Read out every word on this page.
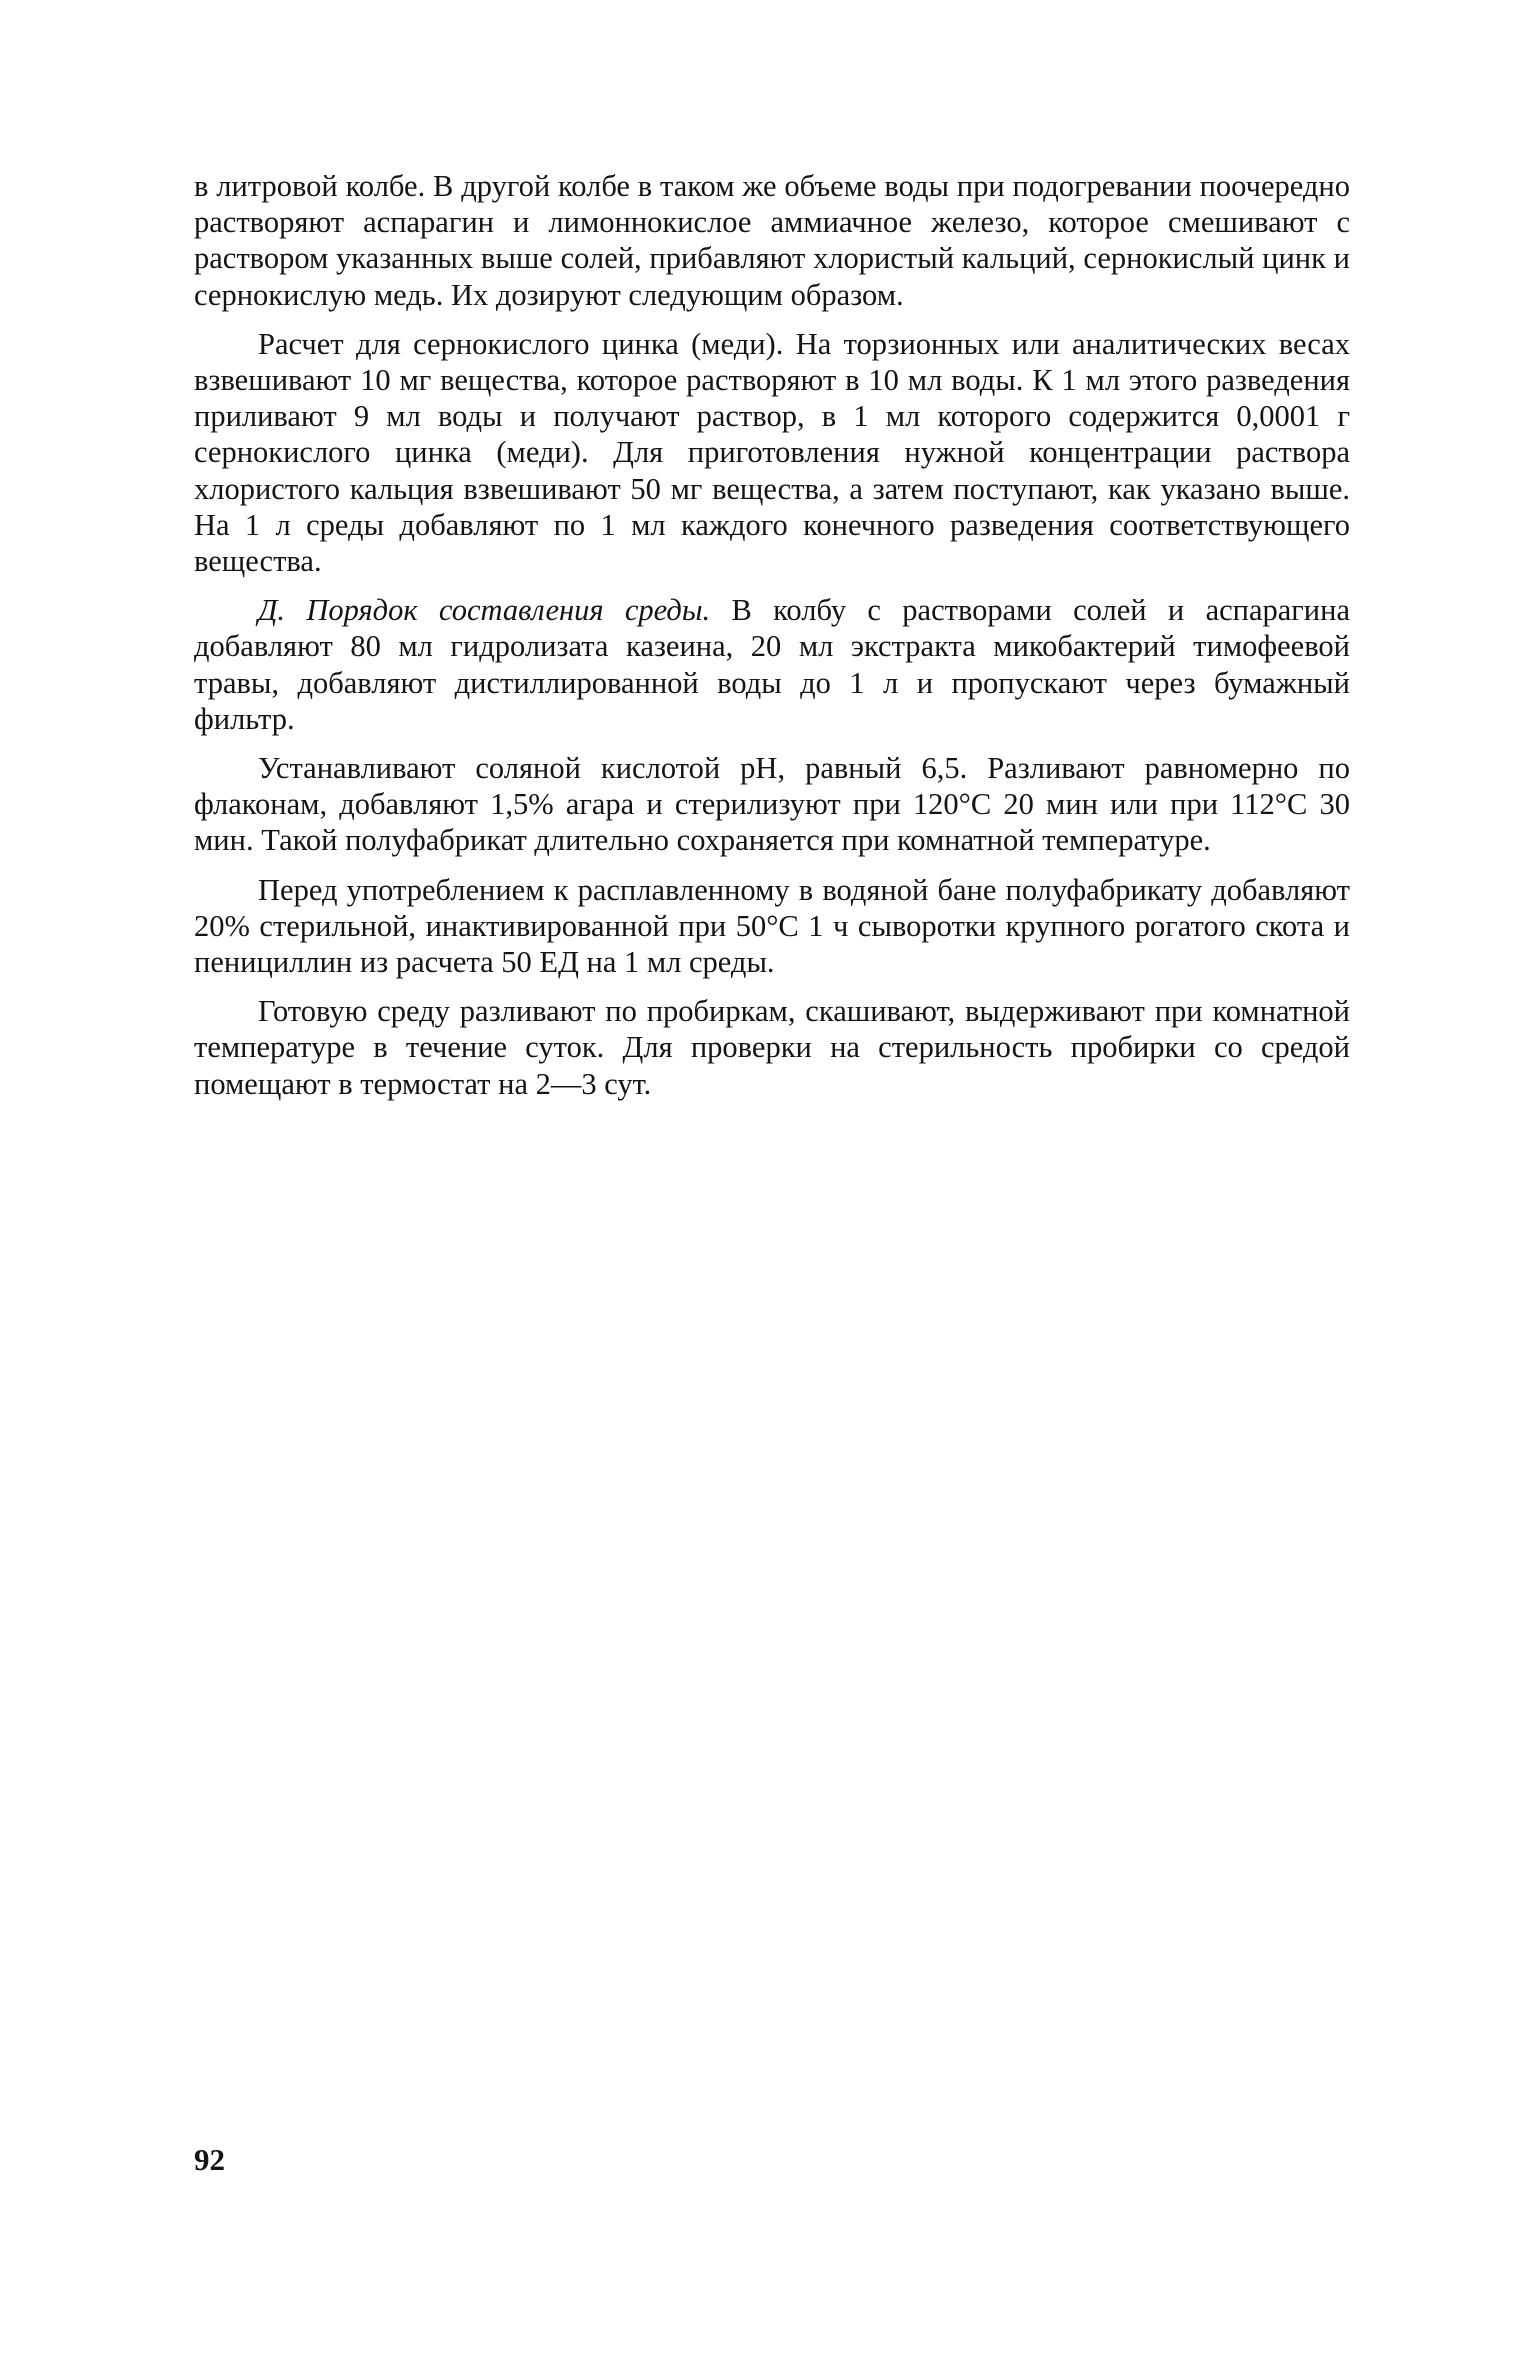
в литровой колбе. В другой колбе в таком же объеме воды при подогревании поочередно растворяют аспарагин и лимоннокислое аммиачное железо, которое смешивают с раствором указанных выше солей, прибавляют хлористый кальций, сернокислый цинк и сернокислую медь. Их дозируют следующим образом.

Расчет для сернокислого цинка (меди). На торзионных или аналитических весах взвешивают 10 мг вещества, которое растворяют в 10 мл воды. К 1 мл этого разведения приливают 9 мл воды и получают раствор, в 1 мл которого содержится 0,0001 г сернокислого цинка (меди). Для приготовления нужной концентрации раствора хлористого кальция взвешивают 50 мг вещества, а затем поступают, как указано выше. На 1 л среды добавляют по 1 мл каждого конечного разведения соответствующего вещества.

Д. Порядок составления среды. В колбу с растворами солей и аспарагина добавляют 80 мл гидролизата казеина, 20 мл экстракта микобактерий тимофеевой травы, добавляют дистиллированной воды до 1 л и пропускают через бумажный фильтр.

Устанавливают соляной кислотой pH, равный 6,5. Разливают равномерно по флаконам, добавляют 1,5% агара и стерилизуют при 120°С 20 мин или при 112°С 30 мин. Такой полуфабрикат длительно сохраняется при комнатной температуре.

Перед употреблением к расплавленному в водяной бане полуфабрикату добавляют 20% стерильной, инактивированной при 50°С 1 ч сыворотки крупного рогатого скота и пенициллин из расчета 50 ЕД на 1 мл среды.

Готовую среду разливают по пробиркам, скашивают, выдерживают при комнатной температуре в течение суток. Для проверки на стерильность пробирки со средой помещают в термостат на 2—3 сут.

92
